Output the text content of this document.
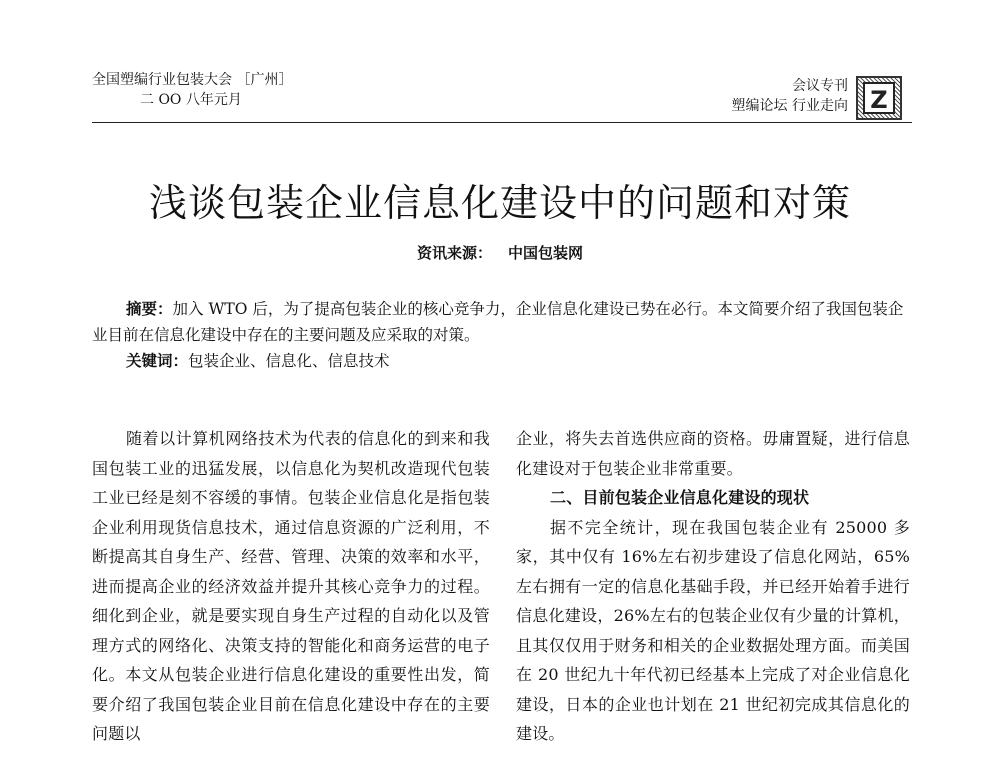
全国塑编行业包装大会 ［广州］
二 OO 八年元月
会议专刊
塑编论坛 行业走向 Z
浅谈包装企业信息化建设中的问题和对策
资讯来源： 中国包装网

摘要：加入 WTO 后，为了提高包装企业的核心竞争力，企业信息化建设已势在必行。本文简要介绍了我国包装企业目前在信息化建设中存在的主要问题及应采取的对策。

关键词：包装企业、信息化、信息技术

随着以计算机网络技术为代表的信息化的到来和我国包装工业的迅猛发展，以信息化为契机改造现代包装工业已经是刻不容缓的事情。包装企业信息化是指包装企业利用现货信息技术，通过信息资源的广泛利用，不断提高其自身生产、经营、管理、决策的效率和水平，进而提高企业的经济效益并提升其核心竞争力的过程。细化到企业，就是要实现自身生产过程的自动化以及管理方式的网络化、决策支持的智能化和商务运营的电子化。本文从包装企业进行信息化建设的重要性出发，简要介绍了我国包装企业目前在信息化建设中存在的主要问题以

企业，将失去首选供应商的资格。毋庸置疑，进行信息化建设对于包装企业非常重要。

二、目前包装企业信息化建设的现状

据不完全统计，现在我国包装企业有 25000 多家，其中仅有 16%左右初步建设了信息化网站，65%左右拥有一定的信息化基础手段，并已经开始着手进行信息化建设，26%左右的包装企业仅有少量的计算机，且其仅仅用于财务和相关的企业数据处理方面。而美国在 20 世纪九十年代初已经基本上完成了对企业信息化建设，日本的企业也计划在 21 世纪初完成其信息化的建设。
